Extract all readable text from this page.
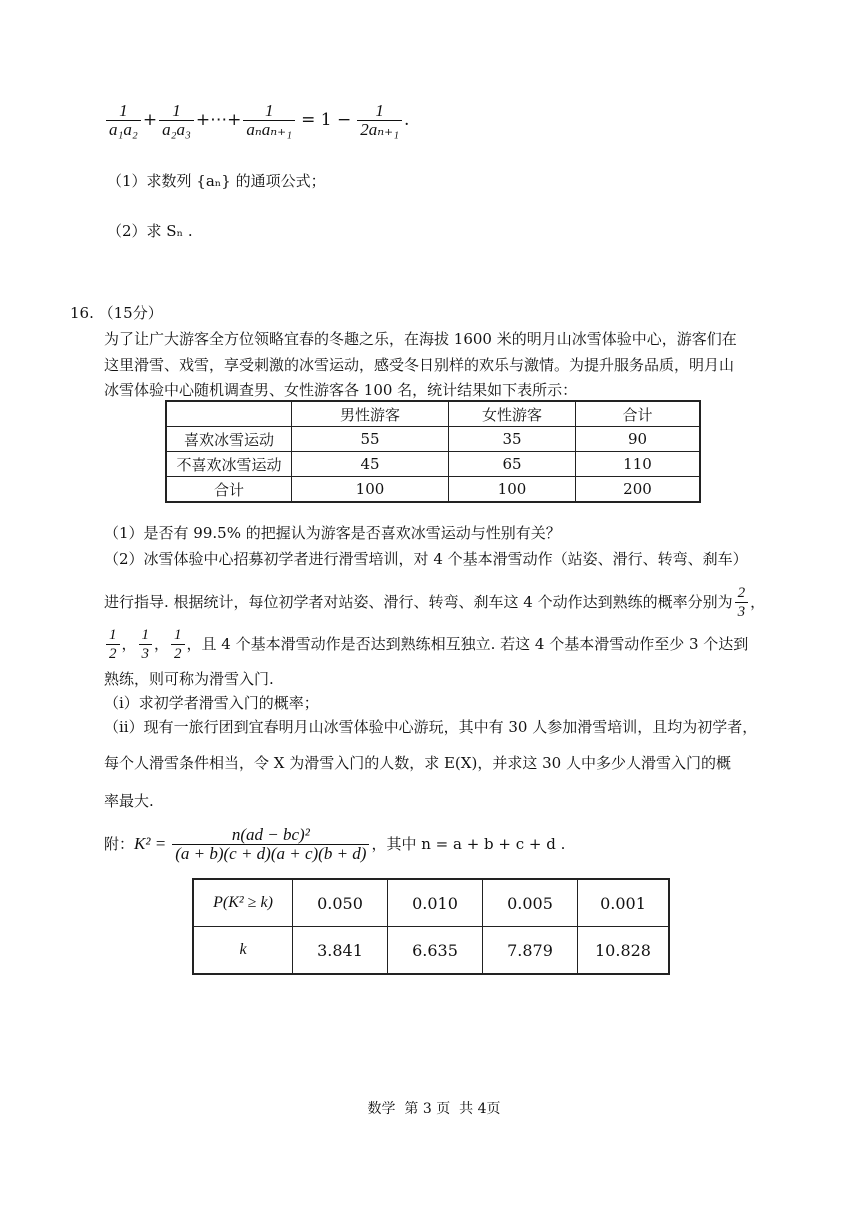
$\frac{1}{\text{a₁a₂}} + \frac{1}{\text{a₂a₃}}$ +⋯+ $\frac{1}{\text{aₙaₙ₊₁}} = 1 - \frac{1}{\text{2aₙ₊₁}}$ .
（1）求数列 {aₙ} 的通项公式；
（2）求 Sₙ .
16. （15分）
为了让广大游客全方位领略宜春的冬趣之乐，在海拔 1600 米的明月山冰雪体验中心，游客们在
这里滑雪、戏雪，享受刺激的冰雪运动，感受冬日别样的欢乐与激情。为提升服务品质，明月山
冰雪体验中心随机调查男、女性游客各 100 名，统计结果如下表所示：
	男性游客	女性游客	合计
喜欢冰雪运动	55	35	90
不喜欢冰雪运动	45	65	110
合计	100	100	200
（1）是否有 99.5% 的把握认为游客是否喜欢冰雪运动与性别有关？
（2）冰雪体验中心招募初学者进行滑雪培训，对 4 个基本滑雪动作（站姿、滑行、转弯、刹车）
进行指导. 根据统计，每位初学者对站姿、滑行、转弯、刹车这 4 个动作达到熟练的概率分别为 $\frac{2}{3}$ ，
$\frac{1}{2}$ ， $\frac{1}{3}$ ， $\frac{1}{2}$ ，且 4 个基本滑雪动作是否达到熟练相互独立. 若这 4 个基本滑雪动作至少 3 个达到
熟练，则可称为滑雪入门.
（i）求初学者滑雪入门的概率；
（ii）现有一旅行团到宜春明月山冰雪体验中心游玩，其中有 30 人参加滑雪培训，且均为初学者，
每个人滑雪条件相当，令 X 为滑雪入门的人数，求 E(X)，并求这 30 人中多少人滑雪入门的概
率最大.
附： $K^2 = \frac{\text{n(ad − bc)²}}{(a + b)(c + d)(a + c)(b + d)}$ ，其中 n = a + b + c + d .
P(K² ≥ k)	0.050	0.010	0.005	0.001
k	3.841	6.635	7.879	10.828
数学  第 3 页  共 4页
